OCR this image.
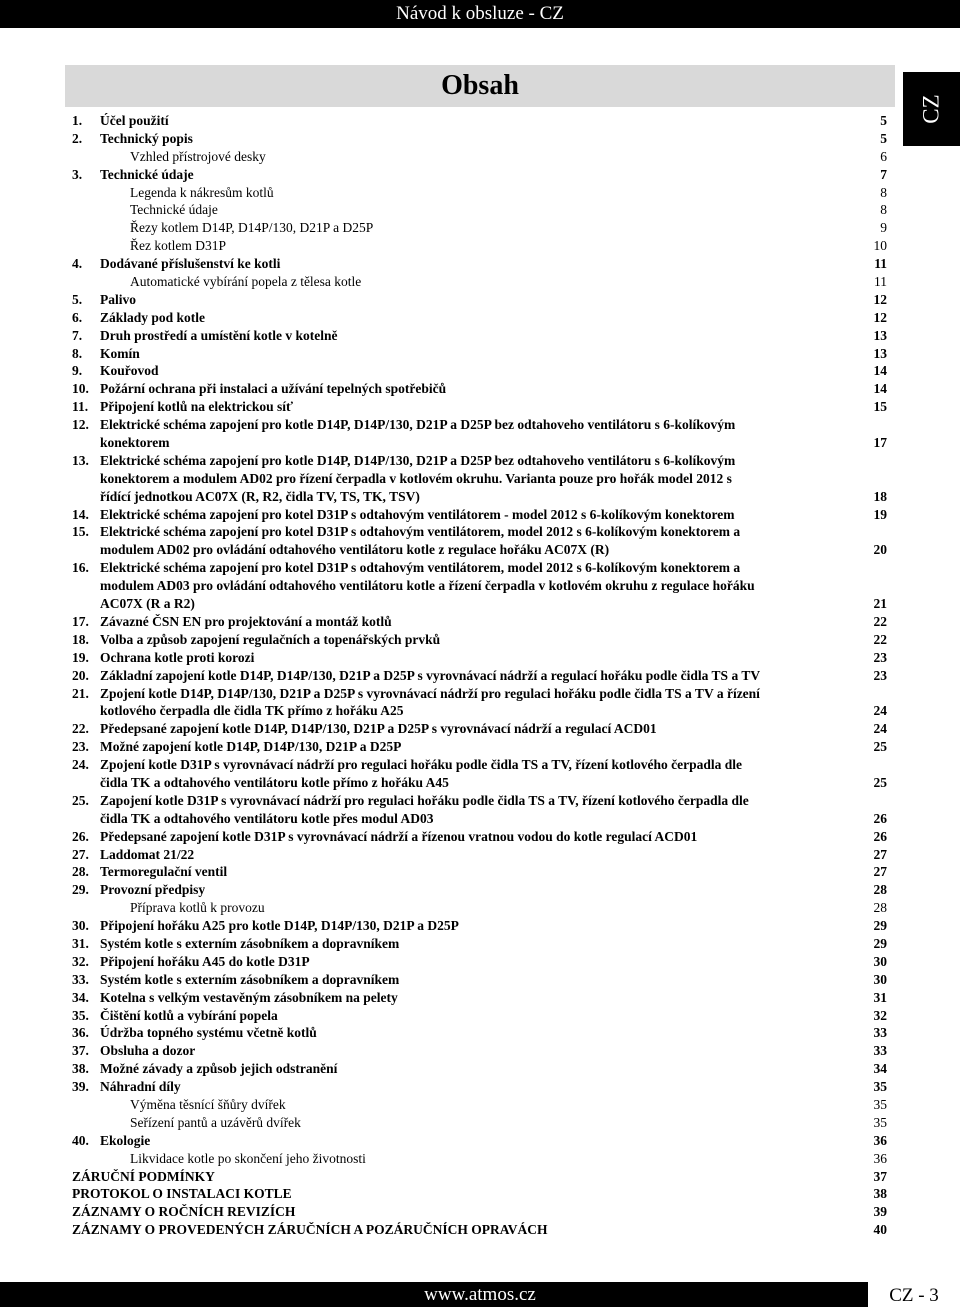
Návod k obsluze - CZ
Obsah
CZ
1. Účel použití	5
2. Technický popis	5
Vzhled přístrojové desky	6
3. Technické údaje	7
Legenda k nákresům kotlů	8
Technické údaje	8
Řezy kotlem D14P, D14P/130, D21P a D25P	9
Řez kotlem D31P	10
4. Dodávané příslušenství ke kotli	11
Automatické vybírání popela z tělesa kotle	11
5. Palivo	12
6. Základy pod kotle	12
7. Druh prostředí a umístění kotle v kotelně	13
8. Komín	13
9. Kouřovod	14
10. Požární ochrana při instalaci a užívání tepelných spotřebičů	14
11. Připojení kotlů na elektrickou síť	15
12. Elektrické schéma zapojení pro kotle D14P, D14P/130, D21P a D25P bez odtahoveho ventilátoru s 6-kolíkovým
konektorem	17
13. Elektrické schéma zapojení pro kotle D14P, D14P/130, D21P a D25P bez odtahoveho ventilátoru s 6-kolíkovým
konektorem a modulem AD02 pro řízení čerpadla v kotlovém okruhu. Varianta pouze pro hořák model 2012 s
řídící jednotkou AC07X (R, R2, čidla TV, TS, TK, TSV)	18
14. Elektrické schéma zapojení pro kotel D31P s odtahovým ventilátorem - model 2012 s 6-kolíkovým konektorem	19
15. Elektrické schéma zapojení pro kotel D31P s odtahovým ventilátorem, model 2012 s 6-kolíkovým konektorem a
modulem AD02 pro ovládání odtahového ventilátoru kotle z regulace hořáku AC07X (R)	20
16. Elektrické schéma zapojení pro kotel D31P s odtahovým ventilátorem, model 2012 s 6-kolíkovým konektorem a
modulem AD03 pro ovládání odtahového ventilátoru kotle a řízení čerpadla v kotlovém okruhu z regulace hořáku
AC07X (R a R2)	21
17. Závazné ČSN EN pro projektování a montáž kotlů	22
18. Volba a způsob zapojení regulačních a topenářských prvků	22
19. Ochrana kotle proti korozi	23
20. Základní zapojení kotle D14P, D14P/130, D21P a D25P s vyrovnávací nádrží a regulací hořáku podle čidla TS a TV	23
21. Zpojení kotle D14P, D14P/130, D21P a D25P s vyrovnávací nádrží pro regulaci hořáku podle čidla TS a TV a řízení
kotlového čerpadla dle čidla TK přímo z hořáku A25	24
22. Předepsané zapojení kotle D14P, D14P/130, D21P a D25P s vyrovnávací nádrží a regulací ACD01	24
23. Možné zapojení kotle D14P, D14P/130, D21P a D25P	25
24. Zpojení kotle D31P s vyrovnávací nádrží pro regulaci hořáku podle čidla TS a TV, řízení kotlového čerpadla dle
čidla TK a odtahového ventilátoru kotle přímo z hořáku A45	25
25. Zapojení kotle D31P s vyrovnávací nádrží pro regulaci hořáku podle čidla TS a TV, řízení kotlového čerpadla dle
čidla TK a odtahového ventilátoru kotle přes modul AD03	26
26. Předepsané zapojení kotle D31P s vyrovnávací nádrží a řízenou vratnou vodou do kotle regulací ACD01	26
27. Laddomat 21/22	27
28. Termoregulační ventil	27
29. Provozní předpisy	28
Příprava kotlů k provozu	28
30. Připojení hořáku A25 pro kotle D14P, D14P/130, D21P a D25P	29
31. Systém kotle s externím zásobníkem a dopravníkem	29
32. Připojení hořáku A45 do kotle D31P	30
33. Systém kotle s externím zásobníkem a dopravníkem	30
34. Kotelna s velkým vestavěným zásobníkem na pelety	31
35. Čištění kotlů a vybírání popela	32
36. Údržba topného systému včetně kotlů	33
37. Obsluha a dozor	33
38. Možné závady a způsob jejich odstranění	34
39. Náhradní díly	35
Výměna těsnící šňůry dvířek	35
Seřízení pantů a uzávěrů dvířek	35
40. Ekologie	36
Likvidace kotle po skončení jeho životnosti	36
ZÁRUČNÍ PODMÍNKY	37
PROTOKOL O INSTALACI KOTLE	38
ZÁZNAMY O ROČNÍCH REVIZÍCH	39
ZÁZNAMY O PROVEDENÝCH ZÁRUČNÍCH A POZÁRUČNÍCH OPRAVÁCH	40
www.atmos.cz	CZ - 3
